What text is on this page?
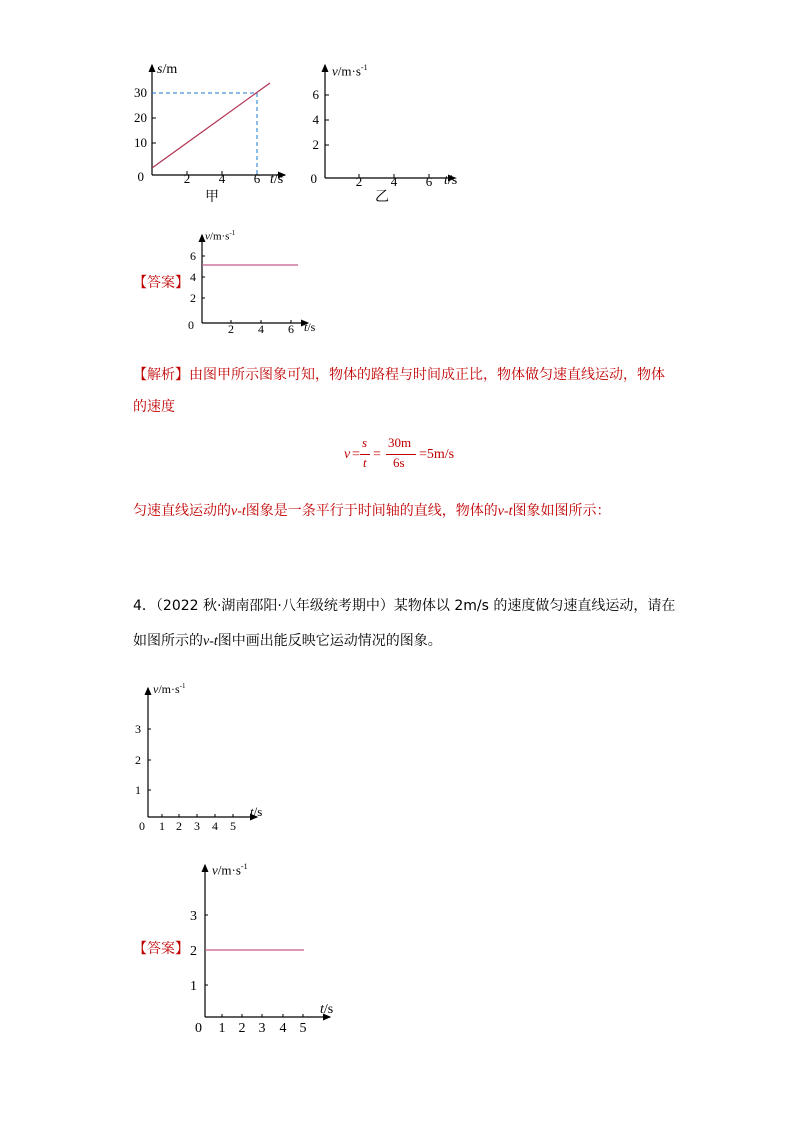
10
20
30
2 4 6
0
s/m
t/s
甲
2
4
6
2 4 6
0
$v/m\cdot s^{-1}$
t/s
乙
【答案】
2
4
6
2 4 6
0
$v/m\cdot s^{-1}$
t/s
【解析】由图甲所示图象可知，物体的路程与时间成正比，物体做匀速直线运动，物体
的速度
v =
s
t
=
30m
6s
=5m/s
匀速直线运动的v-t图象是一条平行于时间轴的直线，物体的v-t图象如图所示：
4．（2022 秋·湖南邵阳·八年级统考期中）某物体以 2m/s 的速度做匀速直线运动，请在
如图所示的v-t图中画出能反映它运动情况的图象。
1
2
3
1 2 3 4 5
0
$v/m\cdot s^{-1}$
t/s
【答案】
1
2
3
1 2 3 4 5
0
$v/m\cdot s^{-1}$
t/s
